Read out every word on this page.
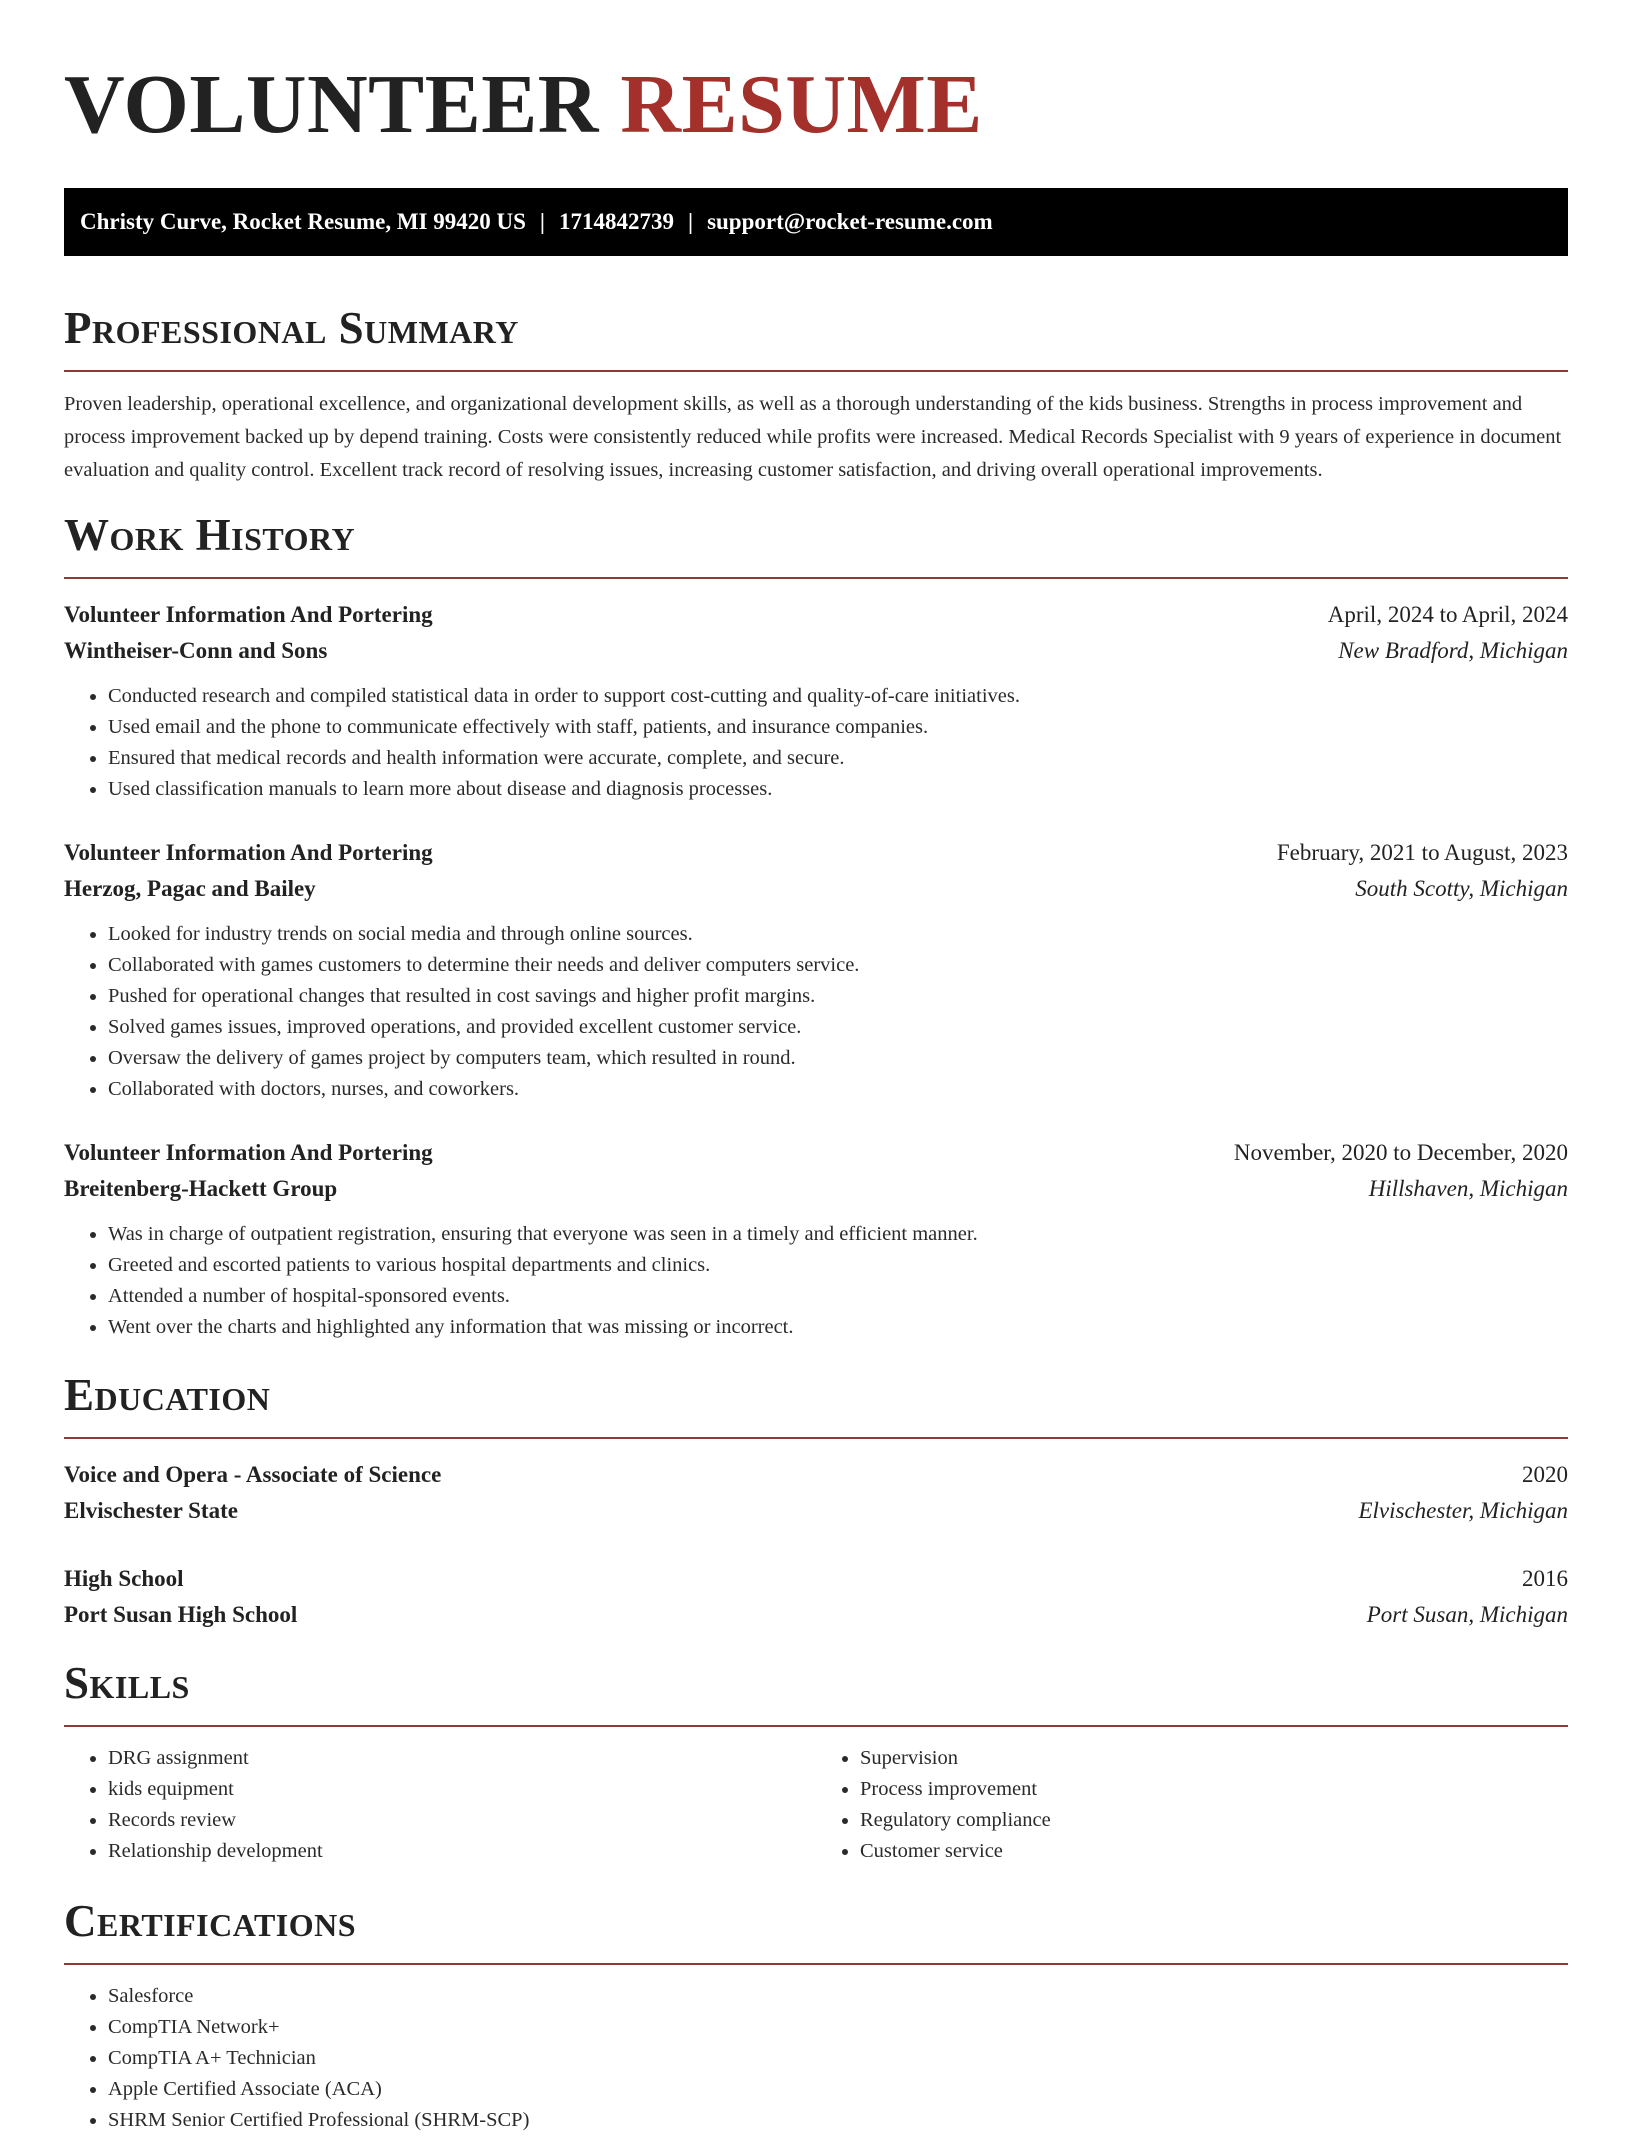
VOLUNTEER RESUME
Christy Curve, Rocket Resume, MI 99420 US | 1714842739 | support@rocket-resume.com
Professional Summary

Proven leadership, operational excellence, and organizational development skills, as well as a thorough understanding of the kids business. Strengths in process improvement and process improvement backed up by depend training. Costs were consistently reduced while profits were increased. Medical Records Specialist with 9 years of experience in document evaluation and quality control. Excellent track record of resolving issues, increasing customer satisfaction, and driving overall operational improvements.

Work History
Volunteer Information And Portering	April, 2024 to April, 2024
Wintheiser-Conn and Sons	New Bradford, Michigan
• Conducted research and compiled statistical data in order to support cost-cutting and quality-of-care initiatives.
• Used email and the phone to communicate effectively with staff, patients, and insurance companies.
• Ensured that medical records and health information were accurate, complete, and secure.
• Used classification manuals to learn more about disease and diagnosis processes.
Volunteer Information And Portering	February, 2021 to August, 2023
Herzog, Pagac and Bailey	South Scotty, Michigan
• Looked for industry trends on social media and through online sources.
• Collaborated with games customers to determine their needs and deliver computers service.
• Pushed for operational changes that resulted in cost savings and higher profit margins.
• Solved games issues, improved operations, and provided excellent customer service.
• Oversaw the delivery of games project by computers team, which resulted in round.
• Collaborated with doctors, nurses, and coworkers.
Volunteer Information And Portering	November, 2020 to December, 2020
Breitenberg-Hackett Group	Hillshaven, Michigan
• Was in charge of outpatient registration, ensuring that everyone was seen in a timely and efficient manner.
• Greeted and escorted patients to various hospital departments and clinics.
• Attended a number of hospital-sponsored events.
• Went over the charts and highlighted any information that was missing or incorrect.
Education
Voice and Opera - Associate of Science	2020
Elvischester State	Elvischester, Michigan
High School	2016
Port Susan High School	Port Susan, Michigan
Skills
• DRG assignment
• kids equipment
• Records review
• Relationship development
• Supervision
• Process improvement
• Regulatory compliance
• Customer service
Certifications
• Salesforce
• CompTIA Network+
• CompTIA A+ Technician
• Apple Certified Associate (ACA)
• SHRM Senior Certified Professional (SHRM-SCP)
